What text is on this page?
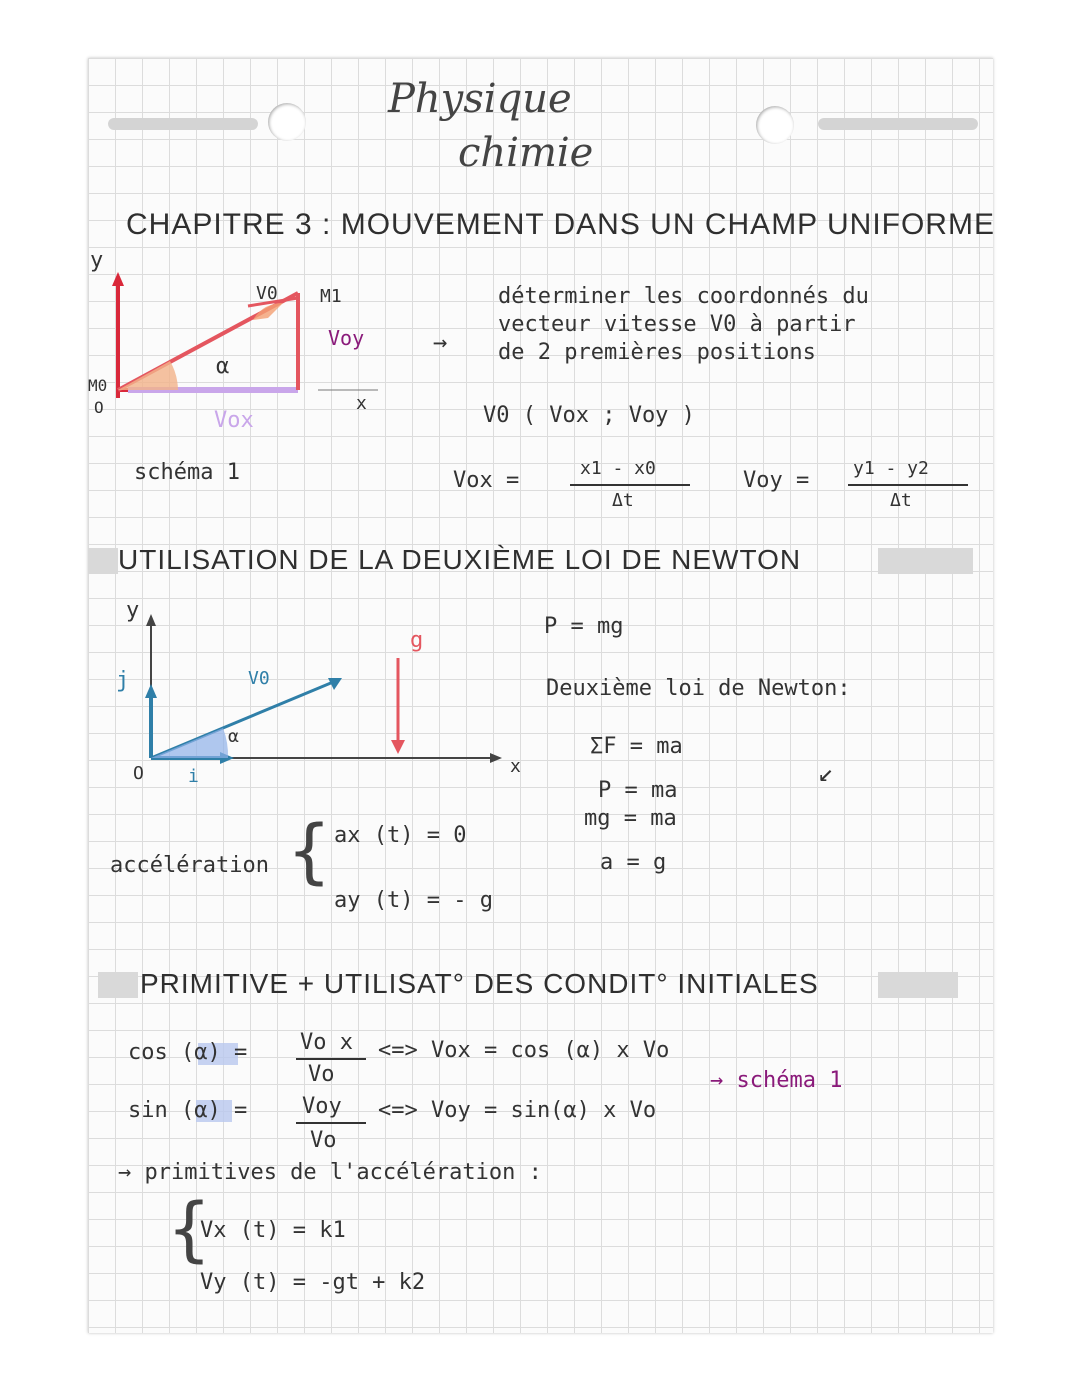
Physique
chimie
CHAPITRE 3 : MOUVEMENT DANS UN CHAMP UNIFORME
y
M0
O
V0 M1
Voy
α
x
Vox
schéma 1
→
déterminer les coordonnés du
vecteur vitesse V0 à partir
de 2 premières positions
V0 ( Vox ; Voy )
Vox =	x1 - x0
Δt
Voy = y1 - y2
Δt
UTILISATION DE LA DEUXIÈME LOI DE NEWTON
y
j
O i
V0
α
g
x
P = mg
Deuxième loi de Newton:
ΣF = ma
P = ma
mg = ma
a = g
↙
accélération { ax (t) = 0
ay (t) = - g
PRIMITIVE + UTILISAT° DES CONDIT° INITIALES
cos (α) = Vo x
Vo
<=> Vox = cos (α) x Vo
→ schéma 1
sin (α) = Voy
Vo
<=> Voy = sin(α) x Vo
→ primitives de l'accélération :
{
Vx (t) = k1
Vy (t) = -gt + k2
